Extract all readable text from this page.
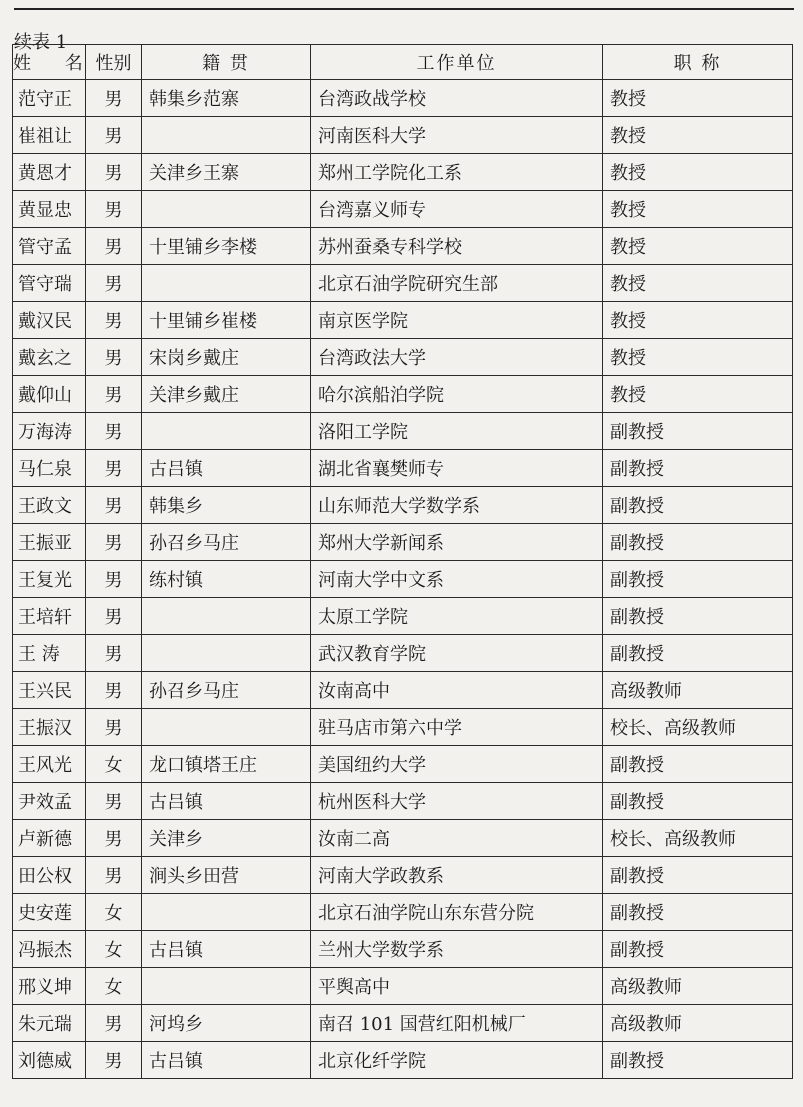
续表 1
姓 名	性别	籍 贯	工作单位	职 称
范守正	男	韩集乡范寨	台湾政战学校	教授
崔祖让	男		河南医科大学	教授
黄恩才	男	关津乡王寨	郑州工学院化工系	教授
黄显忠	男		台湾嘉义师专	教授
管守孟	男	十里铺乡李楼	苏州蚕桑专科学校	教授
管守瑞	男		北京石油学院研究生部	教授
戴汉民	男	十里铺乡崔楼	南京医学院	教授
戴玄之	男	宋岗乡戴庄	台湾政法大学	教授
戴仰山	男	关津乡戴庄	哈尔滨船泊学院	教授
万海涛	男		洛阳工学院	副教授
马仁泉	男	古吕镇	湖北省襄樊师专	副教授
王政文	男	韩集乡	山东师范大学数学系	副教授
王振亚	男	孙召乡马庄	郑州大学新闻系	副教授
王复光	男	练村镇	河南大学中文系	副教授
王培轩	男		太原工学院	副教授
王 涛	男		武汉教育学院	副教授
王兴民	男	孙召乡马庄	汝南高中	高级教师
王振汉	男		驻马店市第六中学	校长、高级教师
王风光	女	龙口镇塔王庄	美国纽约大学	副教授
尹效孟	男	古吕镇	杭州医科大学	副教授
卢新德	男	关津乡	汝南二高	校长、高级教师
田公权	男	涧头乡田营	河南大学政教系	副教授
史安莲	女		北京石油学院山东东营分院	副教授
冯振杰	女	古吕镇	兰州大学数学系	副教授
邢义坤	女		平舆高中	高级教师
朱元瑞	男	河坞乡	南召 101 国营红阳机械厂	高级教师
刘德威	男	古吕镇	北京化纤学院	副教授
